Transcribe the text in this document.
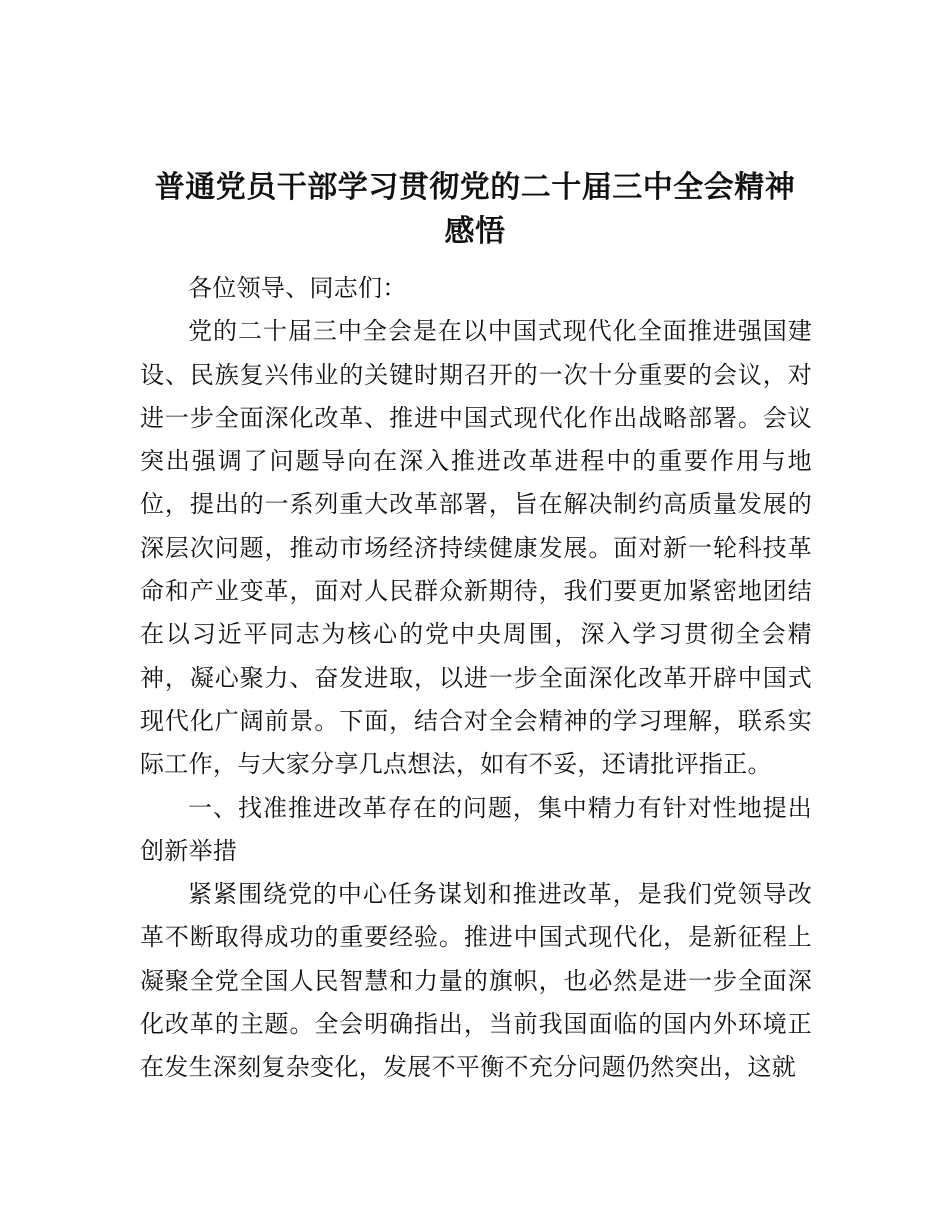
普通党员干部学习贯彻党的二十届三中全会精神感悟

各位领导、同志们：

党的二十届三中全会是在以中国式现代化全面推进强国建设、民族复兴伟业的关键时期召开的一次十分重要的会议，对进一步全面深化改革、推进中国式现代化作出战略部署。会议突出强调了问题导向在深入推进改革进程中的重要作用与地位，提出的一系列重大改革部署，旨在解决制约高质量发展的深层次问题，推动市场经济持续健康发展。面对新一轮科技革命和产业变革，面对人民群众新期待，我们要更加紧密地团结在以习近平同志为核心的党中央周围，深入学习贯彻全会精神，凝心聚力、奋发进取，以进一步全面深化改革开辟中国式现代化广阔前景。下面，结合对全会精神的学习理解，联系实际工作，与大家分享几点想法，如有不妥，还请批评指正。

一、找准推进改革存在的问题，集中精力有针对性地提出创新举措

紧紧围绕党的中心任务谋划和推进改革，是我们党领导改革不断取得成功的重要经验。推进中国式现代化，是新征程上凝聚全党全国人民智慧和力量的旗帜，也必然是进一步全面深化改革的主题。全会明确指出，当前我国面临的国内外环境正在发生深刻复杂变化，发展不平衡不充分问题仍然突出，这就
